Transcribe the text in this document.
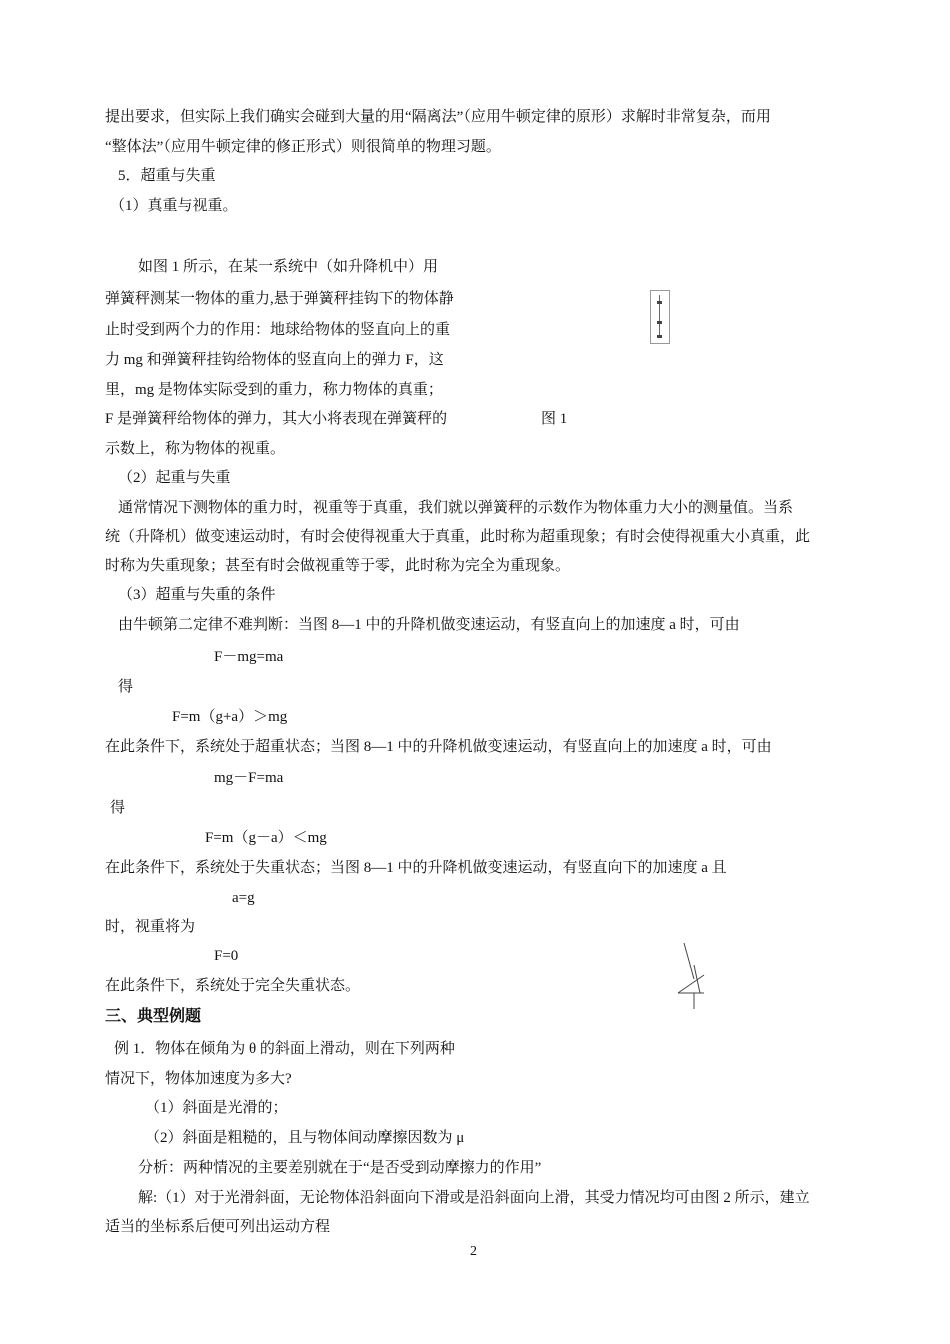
提出要求，但实际上我们确实会碰到大量的用“隔离法”（应用牛顿定律的原形）求解时非常复杂，而用
“整体法”（应用牛顿定律的修正形式）则很简单的物理习题。
5．超重与失重
（1）真重与视重。
如图 1 所示，在某一系统中（如升降机中）用
弹簧秤测某一物体的重力,悬于弹簧秤挂钩下的物体静
止时受到两个力的作用：地球给物体的竖直向上的重
力 mg 和弹簧秤挂钩给物体的竖直向上的弹力 F，这
里，mg 是物体实际受到的重力，称力物体的真重；
F 是弹簧秤给物体的弹力，其大小将表现在弹簧秤的
示数上，称为物体的视重。
图 1
（2）起重与失重
通常情况下测物体的重力时，视重等于真重，我们就以弹簧秤的示数作为物体重力大小的测量值。当系
统（升降机）做变速运动时，有时会使得视重大于真重，此时称为超重现象；有时会使得视重大小真重，此
时称为失重现象；甚至有时会做视重等于零，此时称为完全为重现象。
（3）超重与失重的条件
由牛顿第二定律不难判断：当图 8—1 中的升降机做变速运动，有竖直向上的加速度 a 时，可由
F－mg=ma
得
F=m（g+a）＞mg
在此条件下，系统处于超重状态；当图 8—1 中的升降机做变速运动，有竖直向上的加速度 a 时，可由
mg－F=ma
得
F=m（g－a）＜mg
在此条件下，系统处于失重状态；当图 8—1 中的升降机做变速运动，有竖直向下的加速度 a 且
a=g
时，视重将为
F=0
在此条件下，系统处于完全失重状态。
三、典型例题
例 1．物体在倾角为 θ 的斜面上滑动，则在下列两种
情况下，物体加速度为多大?
（1）斜面是光滑的；
（2）斜面是粗糙的，且与物体间动摩擦因数为 μ
分析：两种情况的主要差别就在于“是否受到动摩擦力的作用”
解:（1）对于光滑斜面，无论物体沿斜面向下滑或是沿斜面向上滑，其受力情况均可由图 2 所示，建立
适当的坐标系后便可列出运动方程
2
